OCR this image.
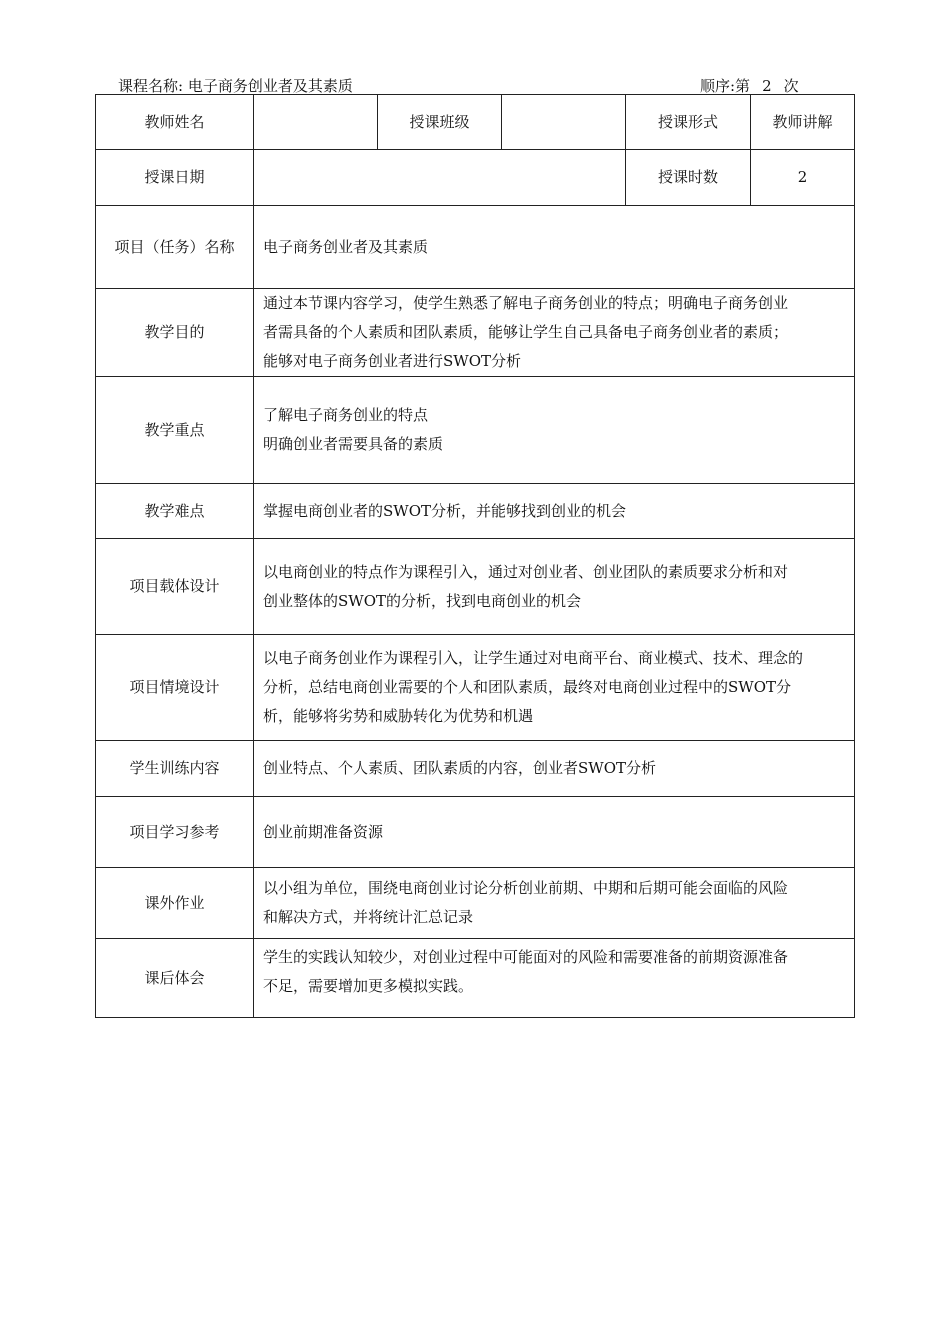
课程名称: 电子商务创业者及其素质	顺序:第 2 次
教师姓名		授课班级		授课形式	教师讲解
授课日期				授课时数	2
项目（任务）名称	电子商务创业者及其素质				

教学目的	通过本节课内容学习，使学生熟悉了解电子商务创业的特点；明确电子商务创业
者需具备的个人素质和团队素质，能够让学生自己具备电子商务创业者的素质；
能够对电子商务创业者进行SWOT分析				

教学重点	了解电子商务创业的特点
明确创业者需要具备的素质				

教学难点	掌握电商创业者的SWOT分析，并能够找到创业的机会				

项目载体设计	以电商创业的特点作为课程引入，通过对创业者、创业团队的素质要求分析和对
创业整体的SWOT的分析，找到电商创业的机会				

项目情境设计	以电子商务创业作为课程引入，让学生通过对电商平台、商业模式、技术、理念的
分析，总结电商创业需要的个人和团队素质，最终对电商创业过程中的SWOT分
析，能够将劣势和威胁转化为优势和机遇				

学生训练内容	创业特点、个人素质、团队素质的内容，创业者SWOT分析				

项目学习参考	创业前期准备资源				

课外作业	以小组为单位，围绕电商创业讨论分析创业前期、中期和后期可能会面临的风险
和解决方式，并将统计汇总记录				

课后体会	学生的实践认知较少，对创业过程中可能面对的风险和需要准备的前期资源准备
不足，需要增加更多模拟实践。				
